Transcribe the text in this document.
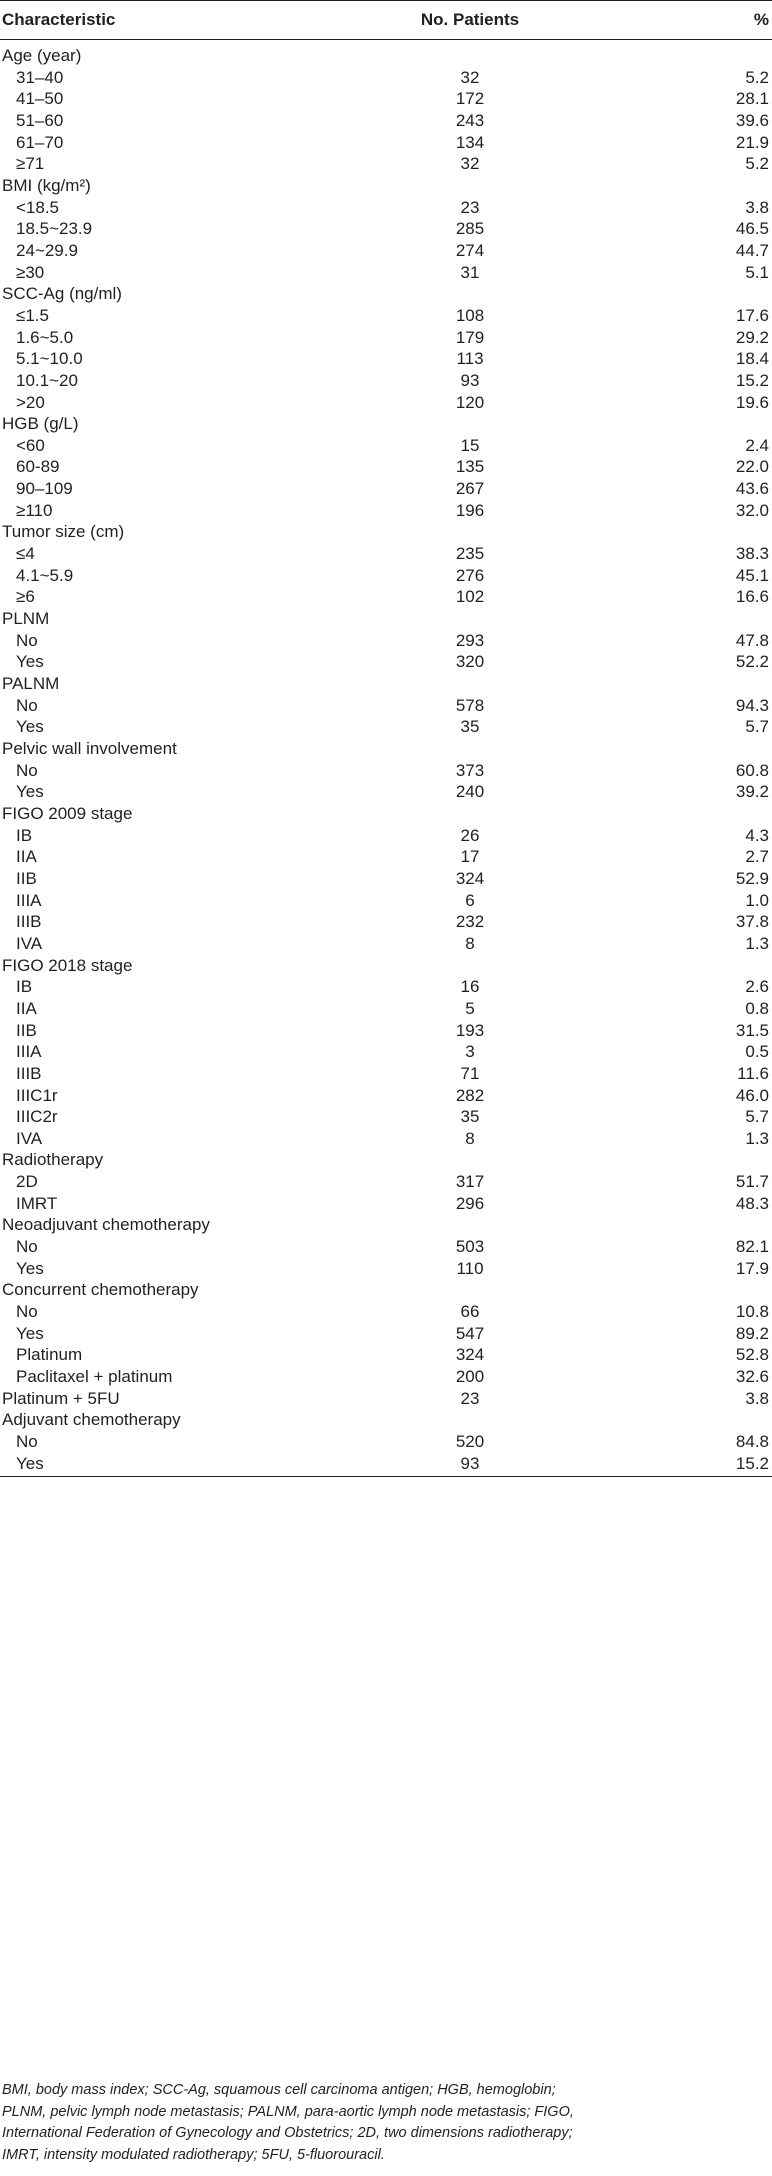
Characteristic	No. Patients	%
Age (year)		
31–40	32	5.2
41–50	172	28.1
51–60	243	39.6
61–70	134	21.9
≥71	32	5.2
BMI (kg/m²)		
<18.5	23	3.8
18.5~23.9	285	46.5
24~29.9	274	44.7
≥30	31	5.1
SCC-Ag (ng/ml)		
≤1.5	108	17.6
1.6~5.0	179	29.2
5.1~10.0	113	18.4
10.1~20	93	15.2
>20	120	19.6
HGB (g/L)		
<60	15	2.4
60-89	135	22.0
90–109	267	43.6
≥110	196	32.0
Tumor size (cm)		
≤4	235	38.3
4.1~5.9	276	45.1
≥6	102	16.6
PLNM		
No	293	47.8
Yes	320	52.2
PALNM		
No	578	94.3
Yes	35	5.7
Pelvic wall involvement		
No	373	60.8
Yes	240	39.2
FIGO 2009 stage		
IB	26	4.3
IIA	17	2.7
IIB	324	52.9
IIIA	6	1.0
IIIB	232	37.8
IVA	8	1.3
FIGO 2018 stage		
IB	16	2.6
IIA	5	0.8
IIB	193	31.5
IIIA	3	0.5
IIIB	71	11.6
IIIC1r	282	46.0
IIIC2r	35	5.7
IVA	8	1.3
Radiotherapy		
2D	317	51.7
IMRT	296	48.3
Neoadjuvant chemotherapy		
No	503	82.1
Yes	110	17.9
Concurrent chemotherapy		
No	66	10.8
Yes	547	89.2
Platinum	324	52.8
Paclitaxel + platinum	200	32.6
Platinum + 5FU	23	3.8
Adjuvant chemotherapy		
No	520	84.8
Yes	93	15.2
BMI, body mass index; SCC-Ag, squamous cell carcinoma antigen; HGB, hemoglobin;
PLNM, pelvic lymph node metastasis; PALNM, para-aortic lymph node metastasis; FIGO,
International Federation of Gynecology and Obstetrics; 2D, two dimensions radiotherapy;
IMRT, intensity modulated radiotherapy; 5FU, 5-fluorouracil.
